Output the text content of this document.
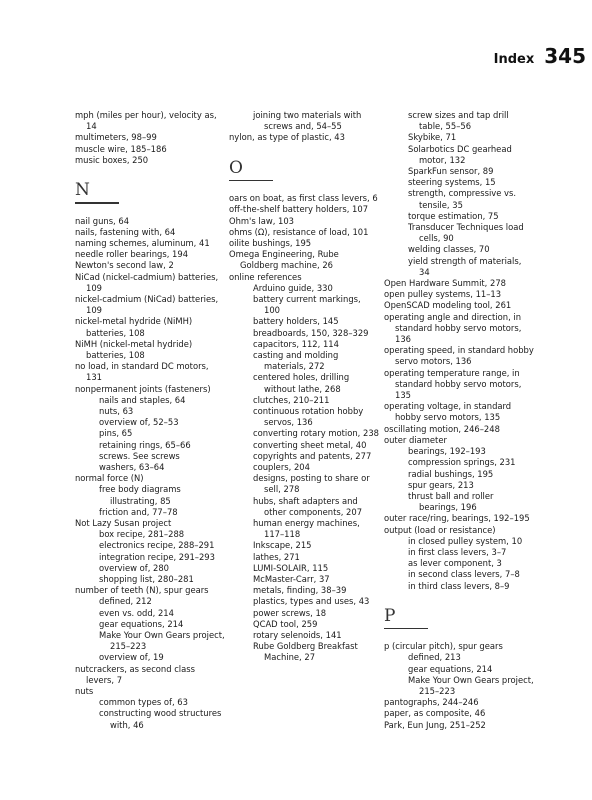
Index 345
mph (miles per hour), velocity as, 14
multimeters, 98–99
muscle wire, 185–186
music boxes, 250
N
nail guns, 64
nails, fastening with, 64
naming schemes, aluminum, 41
needle roller bearings, 194
Newton's second law, 2
NiCad (nickel-cadmium) batteries, 109
nickel-cadmium (NiCad) batteries, 109
nickel-metal hydride (NiMH) batteries, 108
NiMH (nickel-metal hydride) batteries, 108
no load, in standard DC motors, 131
nonpermanent joints (fasteners)
nails and staples, 64
nuts, 63
overview of, 52–53
pins, 65
retaining rings, 65–66
screws. See screws
washers, 63–64
normal force (N)
free body diagrams illustrating, 85
friction and, 77–78
Not Lazy Susan project
box recipe, 281–288
electronics recipe, 288–291
integration recipe, 291–293
overview of, 280
shopping list, 280–281
number of teeth (N), spur gears
defined, 212
even vs. odd, 214
gear equations, 214
Make Your Own Gears project, 215–223
overview of, 19
nutcrackers, as second class levers, 7
nuts
common types of, 63
constructing wood structures with, 46
joining two materials with screws and, 54–55
nylon, as type of plastic, 43
O
oars on boat, as first class levers, 6
off-the-shelf battery holders, 107
Ohm's law, 103
ohms (Ω), resistance of load, 101
oilite bushings, 195
Omega Engineering, Rube Goldberg machine, 26
online references
Arduino guide, 330
battery current markings, 100
battery holders, 145
breadboards, 150, 328–329
capacitors, 112, 114
casting and molding materials, 272
centered holes, drilling without lathe, 268
clutches, 210–211
continuous rotation hobby servos, 136
converting rotary motion, 238
converting sheet metal, 40
copyrights and patents, 277
couplers, 204
designs, posting to share or sell, 278
hubs, shaft adapters and other components, 207
human energy machines, 117–118
Inkscape, 215
lathes, 271
LUMI-SOLAIR, 115
McMaster-Carr, 37
metals, finding, 38–39
plastics, types and uses, 43
power screws, 18
QCAD tool, 259
rotary selenoids, 141
Rube Goldberg Breakfast Machine, 27
screw sizes and tap drill table, 55–56
Skybike, 71
Solarbotics DC gearhead motor, 132
SparkFun sensor, 89
steering systems, 15
strength, compressive vs. tensile, 35
torque estimation, 75
Transducer Techniques load cells, 90
welding classes, 70
yield strength of materials, 34
Open Hardware Summit, 278
open pulley systems, 11–13
OpenSCAD modeling tool, 261
operating angle and direction, in standard hobby servo motors, 136
operating speed, in standard hobby servo motors, 136
operating temperature range, in standard hobby servo motors, 135
operating voltage, in standard hobby servo motors, 135
oscillating motion, 246–248
outer diameter
bearings, 192–193
compression springs, 231
radial bushings, 195
spur gears, 213
thrust ball and roller bearings, 196
outer race/ring, bearings, 192–195
output (load or resistance)
in closed pulley system, 10
in first class levers, 3–7
as lever component, 3
in second class levers, 7–8
in third class levers, 8–9
P
p (circular pitch), spur gears
defined, 213
gear equations, 214
Make Your Own Gears project, 215–223
pantographs, 244–246
paper, as composite, 46
Park, Eun Jung, 251–252
